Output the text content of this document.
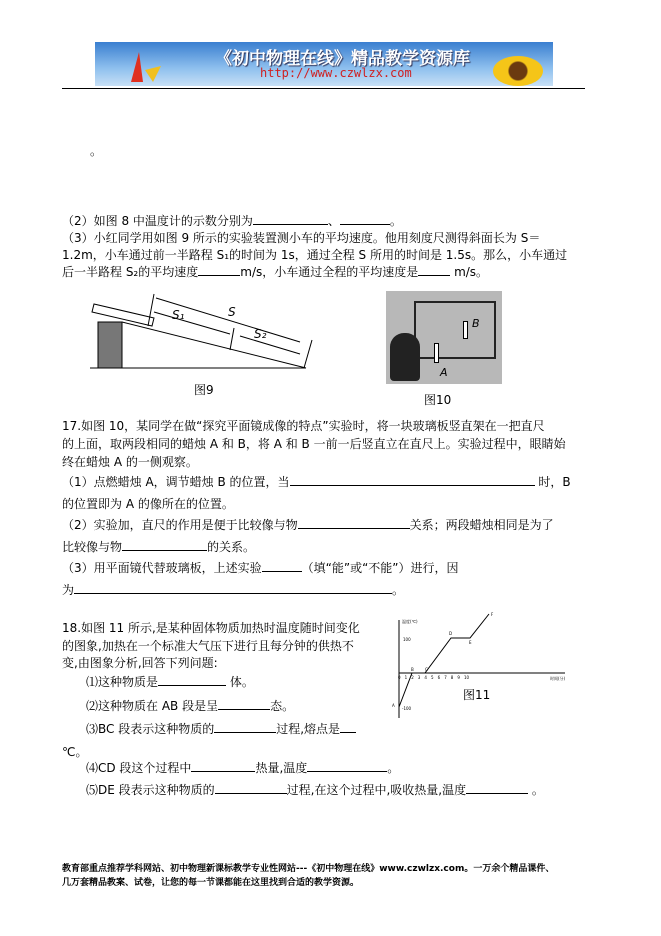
《初中物理在线》精品教学资源库
http://www.czwlzx.com
。
（2）如图 8 中温度计的示数分别为	、	。
（3）小红同学用如图 9 所示的实验装置测小车的平均速度。他用刻度尺测得斜面长为 S＝
1.2m，小车通过前一半路程 S₁的时间为 1s，通过全程 S 所用的时间是 1.5s。那么，小车通过
后一半路程 S₂的平均速度	m/s，小车通过全程的平均速度是	m/s。
S₁	S
S₂
图9
A
B
图10
17.如图 10，某同学在做“探究平面镜成像的特点”实验时，将一块玻璃板竖直架在一把直尺
的上面，取两段相同的蜡烛 A 和 B，将 A 和 B 一前一后竖直立在直尺上。实验过程中，眼睛始
终在蜡烛 A 的一侧观察。
（1）点燃蜡烛 A，调节蜡烛 B 的位置，当	时，B
的位置即为 A 的像所在的位置。
（2）实验加，直尺的作用是便于比较像与物	关系；两段蜡烛相同是为了
比较像与物	的关系。
（3）用平面镜代替玻璃板，上述实验	（填“能”或“不能”）进行，因
为	。
18.如图 11 所示,是某种固体物质加热时温度随时间变化
的图象,加热在一个标准大气压下进行且每分钟的供热不
变,由图象分析,回答下列问题:
⑴这种物质是	体。
⑵这种物质在 AB 段是呈	态。
⑶BC 段表示这种物质的	过程,熔点是
℃。
⑷CD 段这个过程中	热量,温度	。
⑸DE 段表示这种物质的	过程,在这个过程中,吸收热量,温度	。
温度(℃)
时间(分)
100
-100
0 1 2 3 4 5 6 7 8 9 10
A
B	C
D
E
F
图11
教育部重点推荐学科网站、初中物理新课标教学专业性网站---《初中物理在线》www.czwlzx.com。一万余个精品课件、
几万套精品教案、试卷，让您的每一节课都能在这里找到合适的教学资源。
